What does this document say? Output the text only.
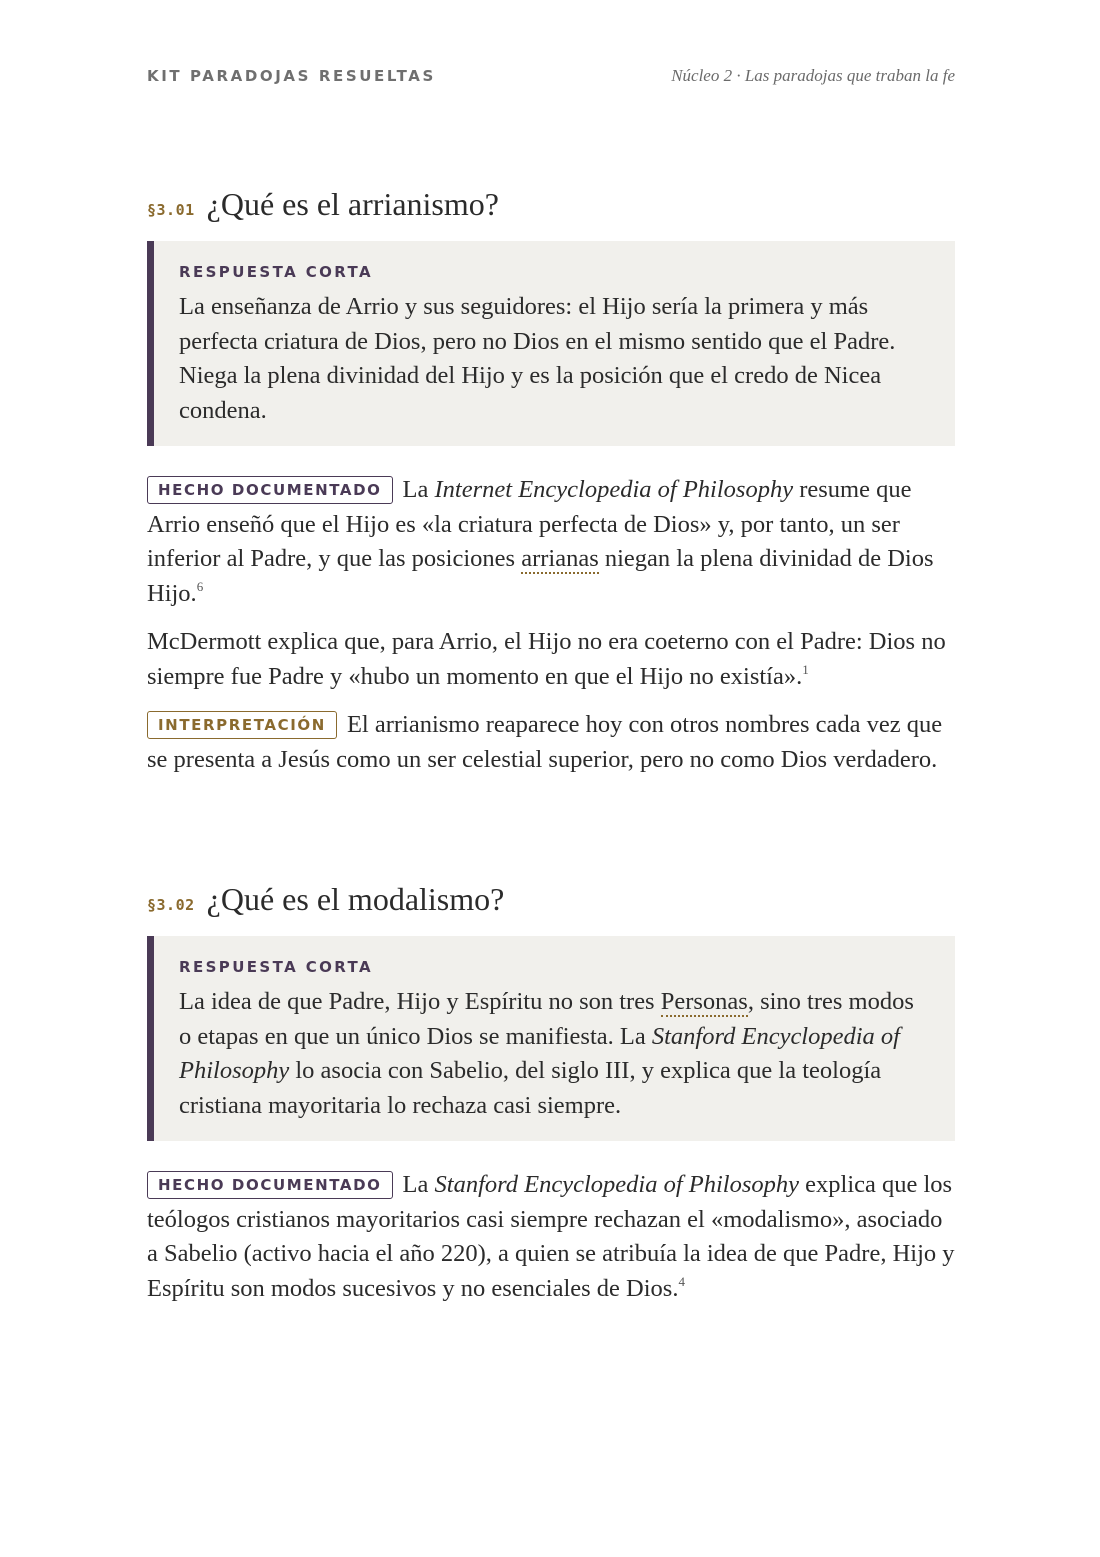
KIT PARADOJAS RESUELTAS	Núcleo 2 · Las paradojas que traban la fe
§3.01 ¿Qué es el arrianismo?
RESPUESTA CORTA
La enseñanza de Arrio y sus seguidores: el Hijo sería la primera y más perfecta criatura de Dios, pero no Dios en el mismo sentido que el Padre. Niega la plena divinidad del Hijo y es la posición que el credo de Nicea condena.

HECHO DOCUMENTADO La Internet Encyclopedia of Philosophy resume que Arrio enseñó que el Hijo es «la criatura perfecta de Dios» y, por tanto, un ser inferior al Padre, y que las posiciones arrianas niegan la plena divinidad de Dios Hijo.$^6$

McDermott explica que, para Arrio, el Hijo no era coeterno con el Padre: Dios no siempre fue Padre y «hubo un momento en que el Hijo no existía».$^1$

INTERPRETACIÓN El arrianismo reaparece hoy con otros nombres cada vez que se presenta a Jesús como un ser celestial superior, pero no como Dios verdadero.

§3.02 ¿Qué es el modalismo?
RESPUESTA CORTA
La idea de que Padre, Hijo y Espíritu no son tres Personas, sino tres modos o etapas en que un único Dios se manifiesta. La Stanford Encyclopedia of Philosophy lo asocia con Sabelio, del siglo III, y explica que la teología cristiana mayoritaria lo rechaza casi siempre.

HECHO DOCUMENTADO La Stanford Encyclopedia of Philosophy explica que los teólogos cristianos mayoritarios casi siempre rechazan el «modalismo», asociado a Sabelio (activo hacia el año 220), a quien se atribuía la idea de que Padre, Hijo y Espíritu son modos sucesivos y no esenciales de Dios.$^4$
